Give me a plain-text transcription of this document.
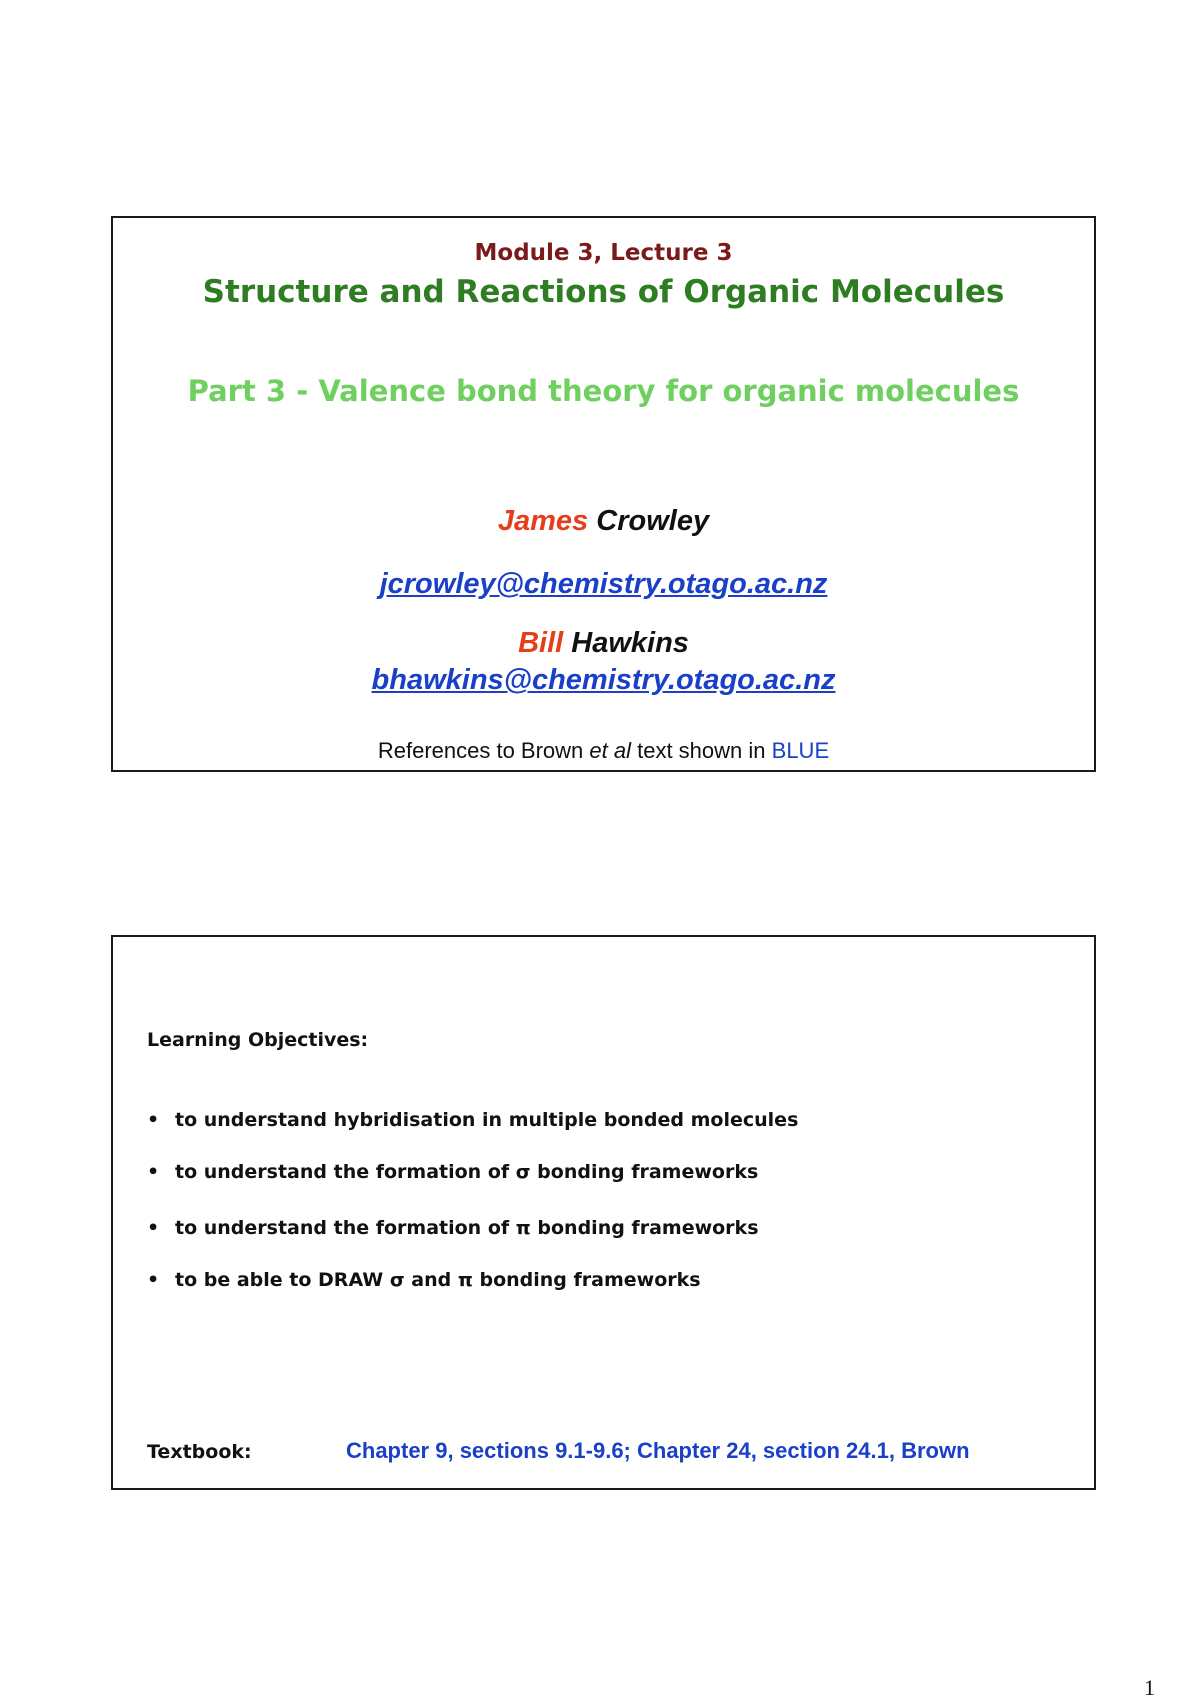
Module 3, Lecture 3
Structure and Reactions of Organic Molecules
Part 3 - Valence bond theory for organic molecules
James Crowley
jcrowley@chemistry.otago.ac.nz
Bill Hawkins
bhawkins@chemistry.otago.ac.nz
References to Brown et al text shown in BLUE
Learning Objectives:
• to understand hybridisation in multiple bonded molecules
• to understand the formation of σ bonding frameworks
• to understand the formation of π bonding frameworks
• to be able to DRAW σ and π bonding frameworks
Textbook:	Chapter 9, sections 9.1-9.6; Chapter 24, section 24.1, Brown
1
